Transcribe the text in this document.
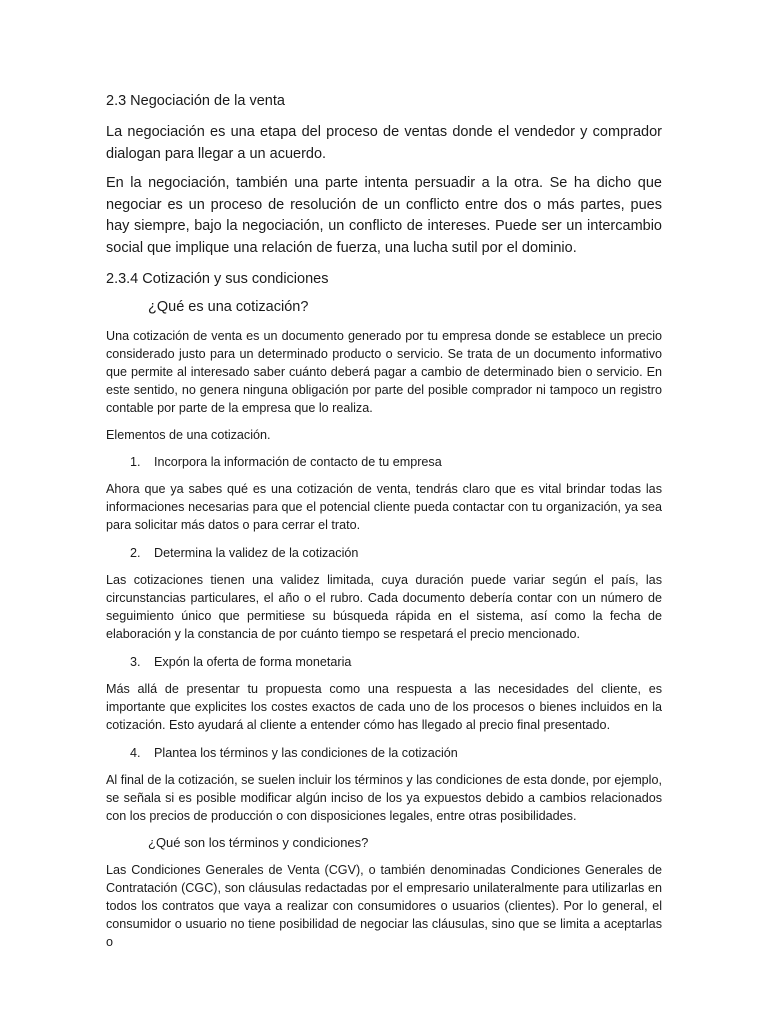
2.3 Negociación de la venta

La negociación es una etapa del proceso de ventas donde el vendedor y comprador dialogan para llegar a un acuerdo.

En la negociación, también una parte intenta persuadir a la otra. Se ha dicho que negociar es un proceso de resolución de un conflicto entre dos o más partes, pues hay siempre, bajo la negociación, un conflicto de intereses. Puede ser un intercambio social que implique una relación de fuerza, una lucha sutil por el dominio.

2.3.4 Cotización y sus condiciones

¿Qué es una cotización?

Una cotización de venta es un documento generado por tu empresa donde se establece un precio considerado justo para un determinado producto o servicio. Se trata de un documento informativo que permite al interesado saber cuánto deberá pagar a cambio de determinado bien o servicio. En este sentido, no genera ninguna obligación por parte del posible comprador ni tampoco un registro contable por parte de la empresa que lo realiza.

Elementos de una cotización.

1.	Incorpora la información de contacto de tu empresa

Ahora que ya sabes qué es una cotización de venta, tendrás claro que es vital brindar todas las informaciones necesarias para que el potencial cliente pueda contactar con tu organización, ya sea para solicitar más datos o para cerrar el trato.

2.	Determina la validez de la cotización

Las cotizaciones tienen una validez limitada, cuya duración puede variar según el país, las circunstancias particulares, el año o el rubro. Cada documento debería contar con un número de seguimiento único que permitiese su búsqueda rápida en el sistema, así como la fecha de elaboración y la constancia de por cuánto tiempo se respetará el precio mencionado.

3.	Expón la oferta de forma monetaria

Más allá de presentar tu propuesta como una respuesta a las necesidades del cliente, es importante que explicites los costes exactos de cada uno de los procesos o bienes incluidos en la cotización. Esto ayudará al cliente a entender cómo has llegado al precio final presentado.

4.	Plantea los términos y las condiciones de la cotización

Al final de la cotización, se suelen incluir los términos y las condiciones de esta donde, por ejemplo, se señala si es posible modificar algún inciso de los ya expuestos debido a cambios relacionados con los precios de producción o con disposiciones legales, entre otras posibilidades.

¿Qué son los términos y condiciones?

Las Condiciones Generales de Venta (CGV), o también denominadas Condiciones Generales de Contratación (CGC), son cláusulas redactadas por el empresario unilateralmente para utilizarlas en todos los contratos que vaya a realizar con consumidores o usuarios (clientes). Por lo general, el consumidor o usuario no tiene posibilidad de negociar las cláusulas, sino que se limita a aceptarlas o
